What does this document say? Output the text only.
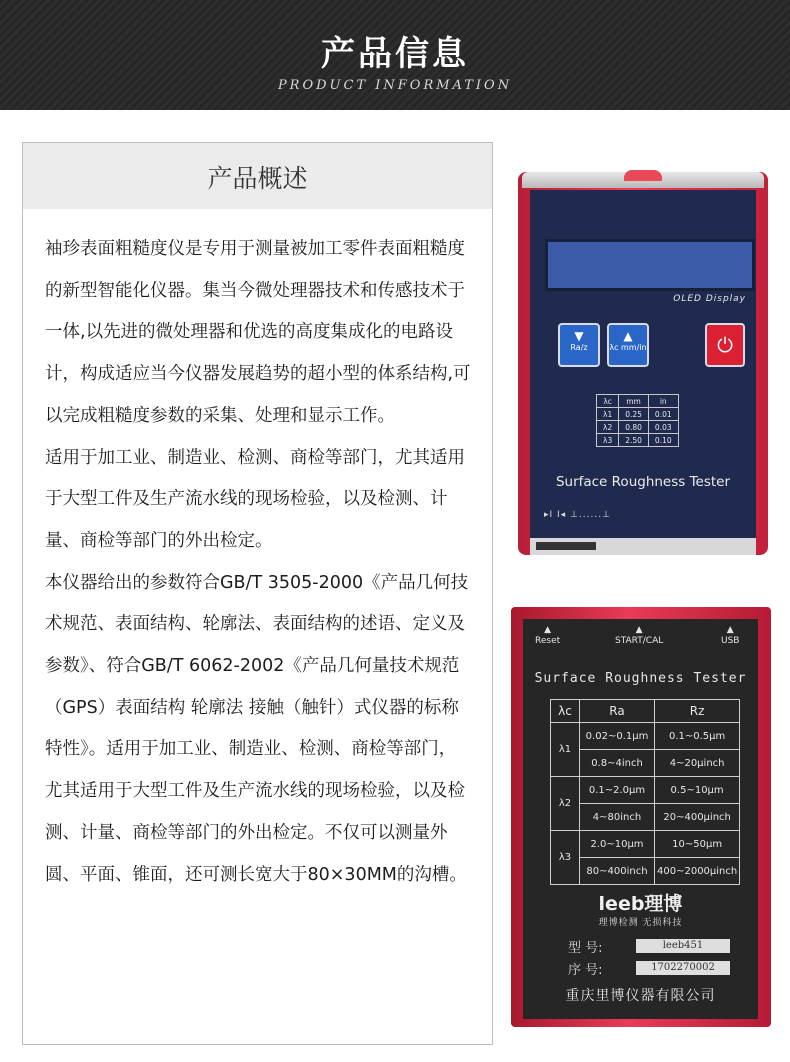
产品信息
PRODUCT INFORMATION
产品概述

袖珍表面粗糙度仪是专用于测量被加工零件表面粗糙度的新型智能化仪器。集当今微处理器技术和传感技术于一体,以先进的微处理器和优选的高度集成化的电路设计，构成适应当今仪器发展趋势的超小型的体系结构,可以完成粗糙度参数的采集、处理和显示工作。

适用于加工业、制造业、检测、商检等部门，尤其适用于大型工件及生产流水线的现场检验，以及检测、计量、商检等部门的外出检定。

本仪器给出的参数符合GB/T 3505-2000《产品几何技术规范、表面结构、轮廓法、表面结构的述语、定义及参数》、符合GB/T 6062-2002《产品几何量技术规范 （GPS）表面结构 轮廓法 接触（触针）式仪器的标称特性》。适用于加工业、制造业、检测、商检等部门，尤其适用于大型工件及生产流水线的现场检验，以及检测、计量、商检等部门的外出检定。不仅可以测量外圆、平面、锥面，还可测长宽大于80×30MM的沟槽。

OLED Display
▼
Ra/z
▲
λc mm/in	⏻
λc	mm	in
λ1	0.25	0.01
λ2	0.80	0.03
λ3	2.50	0.10
Surface Roughness Tester
▸I I◂ ⊥......⊥
▲
Reset
▲
START/CAL
▲
USB
Surface Roughness Tester
λc	Ra	Rz
λ1	0.02~0.1μm	0.1~0.5μm
	0.8~4inch	4~20μinch
λ2	0.1~2.0μm	0.5~10μm
	4~80inch	20~400μinch
λ3	2.0~10μm	10~50μm
	80~400inch	400~2000μinch
leeb理博
理博检测 无损科技
型 号:	leeb451
序 号:	1702270002
重庆里博仪器有限公司
